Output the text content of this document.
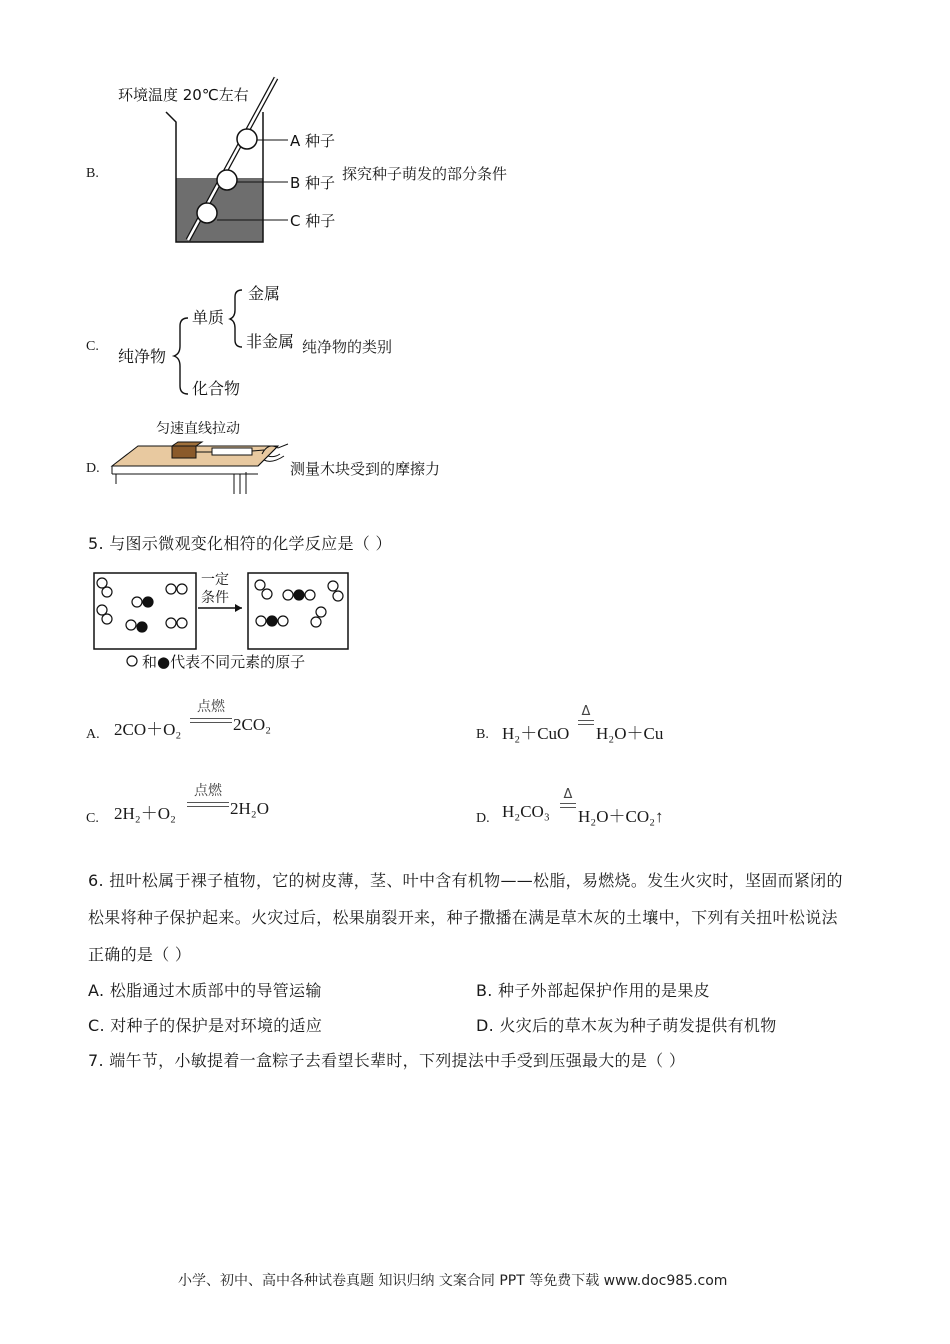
B.
环境温度 20℃左右
A 种子
B 种子
C 种子
探究种子萌发的部分条件
C.
纯净物
单质
化合物
金属
非金属 纯净物的类别
D.
匀速直线拉动
测量木块受到的摩擦力
5. 与图示微观变化相符的化学反应是（ ）
一定
条件
和●代表不同元素的原子
A. 2CO＋O₂
点燃
2CO₂
B. H₂＋CuO
Δ
H₂O＋Cu
C. 2H₂＋O₂
点燃
2H₂O
D. H₂CO₃
Δ
H₂O＋CO₂↑
6. 扭叶松属于裸子植物，它的树皮薄，茎、叶中含有机物——松脂，易燃烧。发生火灾时，坚固而紧闭的
松果将种子保护起来。火灾过后，松果崩裂开来，种子撒播在满是草木灰的土壤中，下列有关扭叶松说法
正确的是（ ）
A. 松脂通过木质部中的导管运输	B. 种子外部起保护作用的是果皮
C. 对种子的保护是对环境的适应	D. 火灾后的草木灰为种子萌发提供有机物
7. 端午节，小敏提着一盒粽子去看望长辈时，下列提法中手受到压强最大的是（ ）
小学、初中、高中各种试卷真题 知识归纳 文案合同 PPT 等免费下载 www.doc985.com
